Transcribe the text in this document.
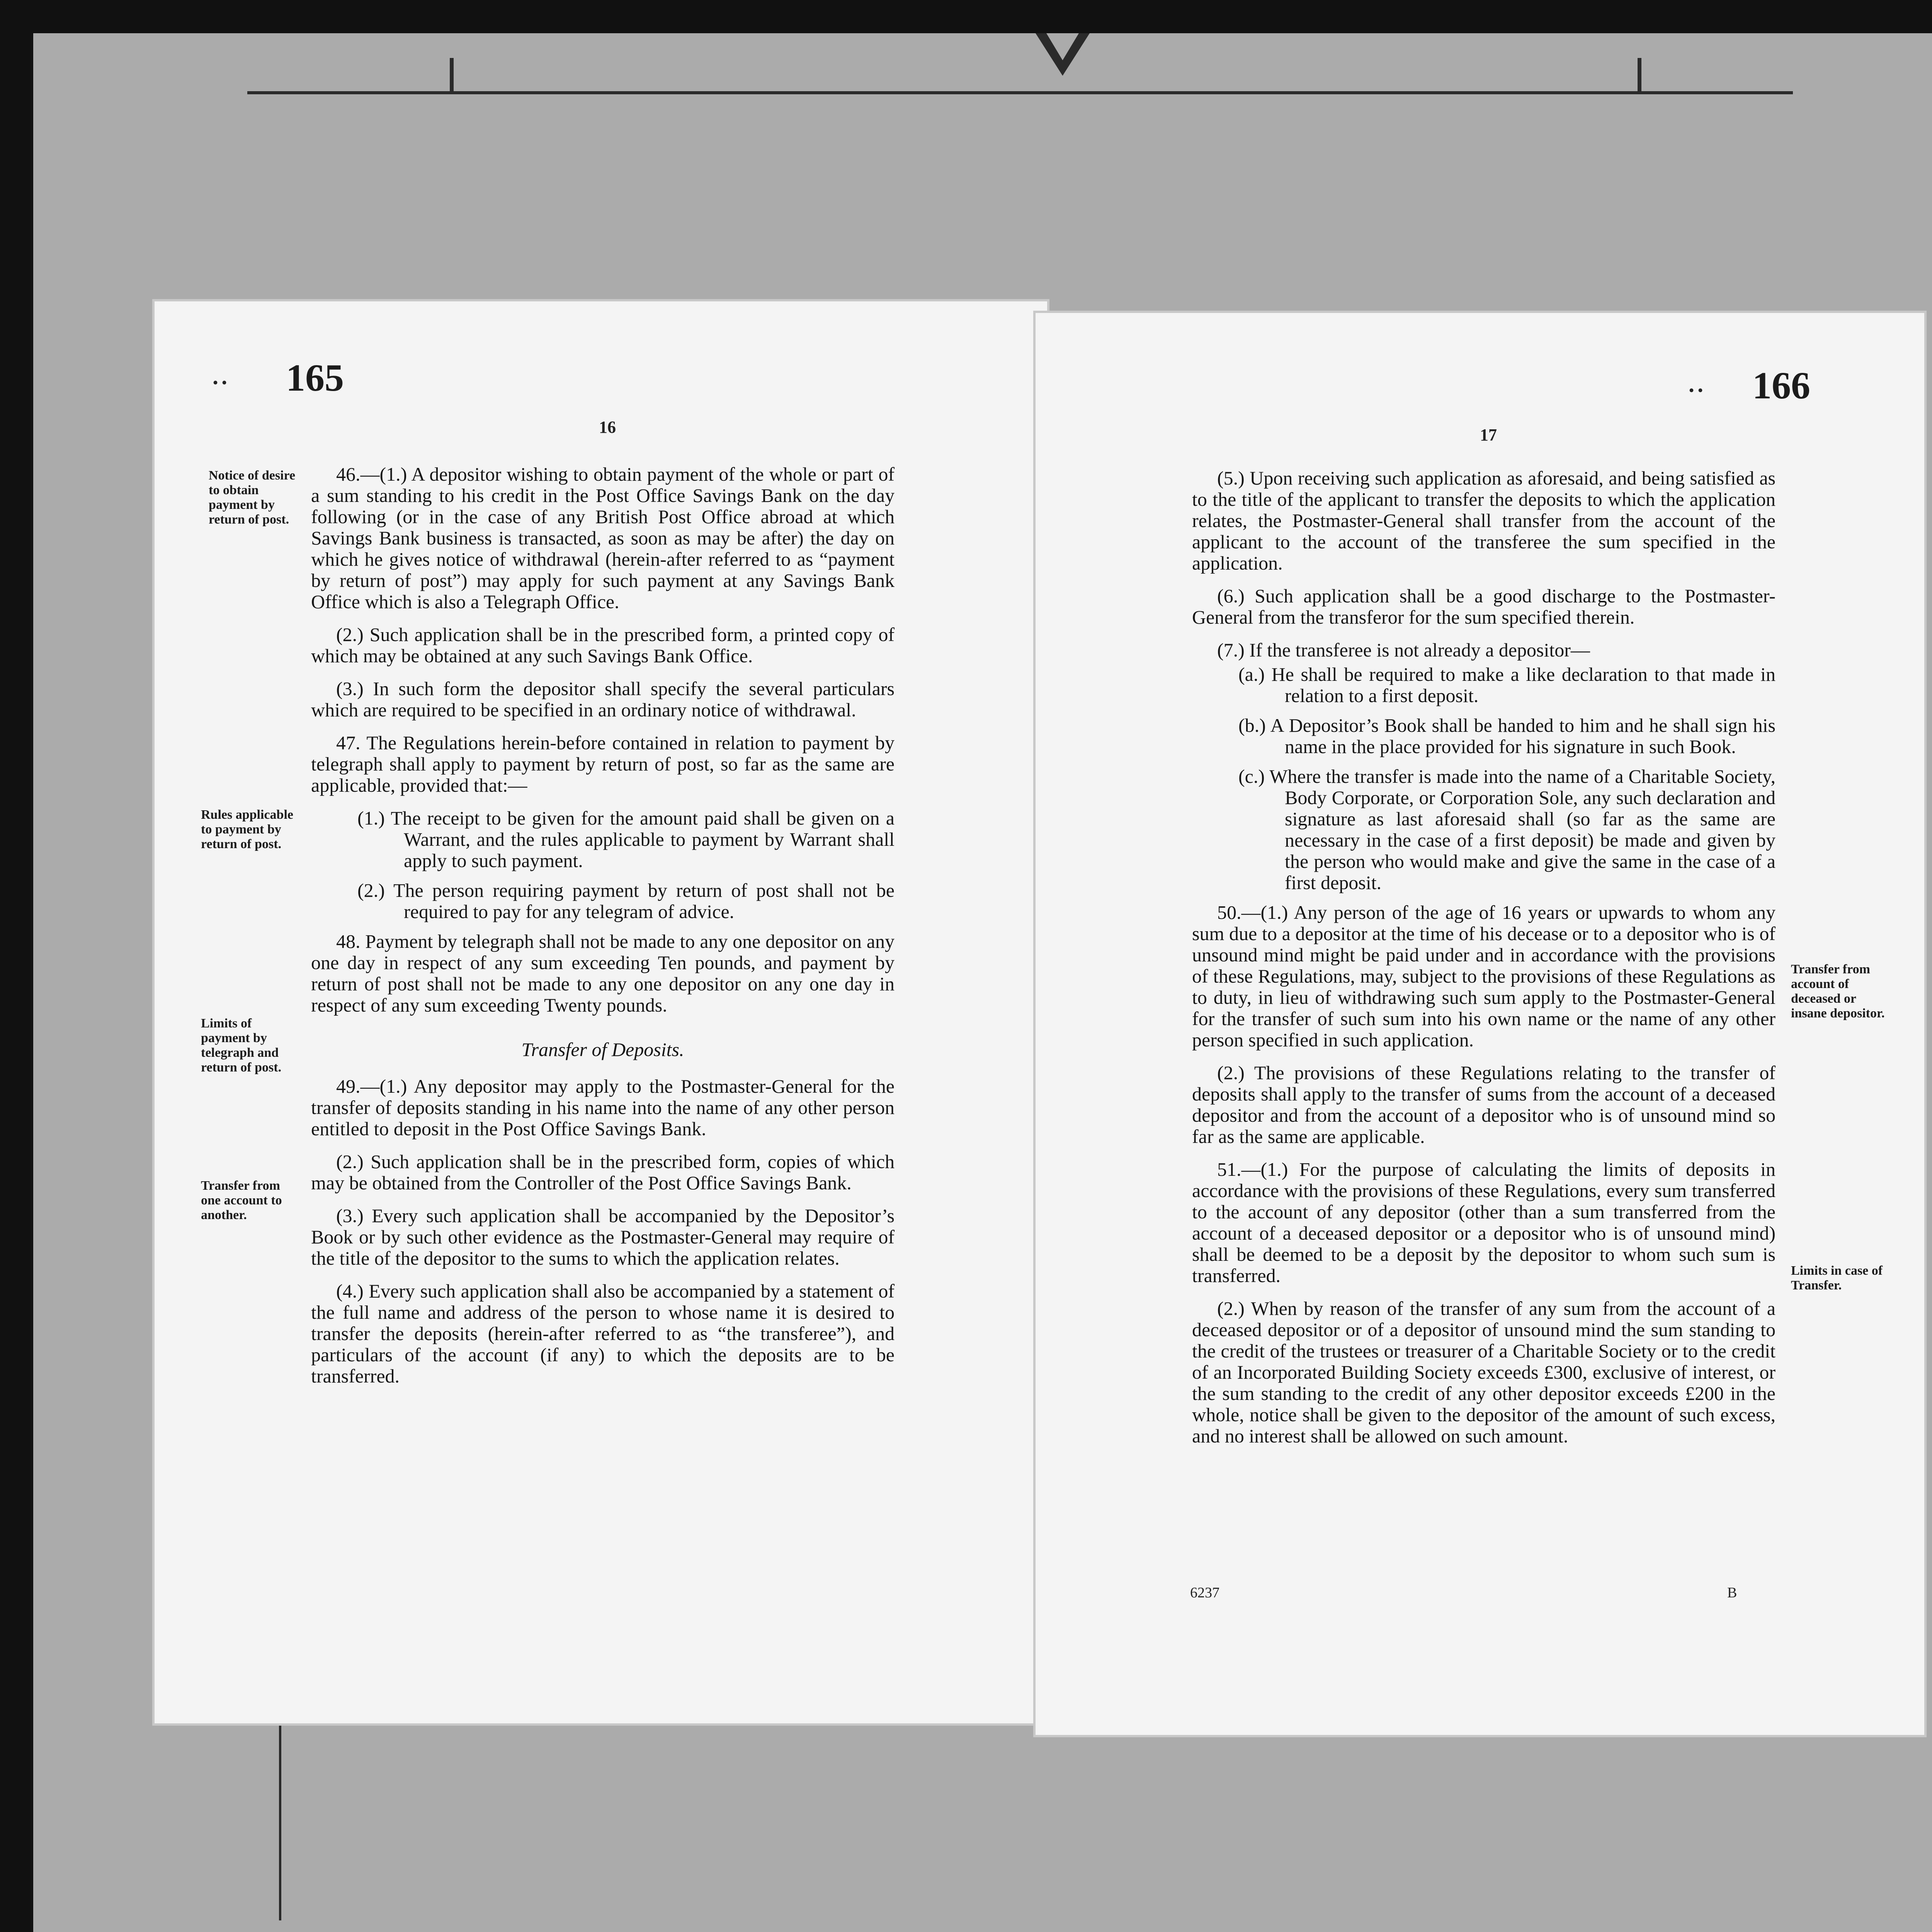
.. 165
16
Notice of desire to obtain payment by return of post.
Rules applicable to payment by return of post.
Limits of payment by telegraph and return of post.
Transfer from one account to another.

46.—(1.) A depositor wishing to obtain payment of the whole or part of a sum standing to his credit in the Post Office Savings Bank on the day following (or in the case of any British Post Office abroad at which Savings Bank business is transacted, as soon as may be after) the day on which he gives notice of withdrawal (herein-after referred to as “payment by return of post”) may apply for such payment at any Savings Bank Office which is also a Telegraph Office.

(2.) Such application shall be in the prescribed form, a printed copy of which may be obtained at any such Savings Bank Office.

(3.) In such form the depositor shall specify the several particulars which are required to be specified in an ordinary notice of withdrawal.

47. The Regulations herein-before contained in relation to payment by telegraph shall apply to payment by return of post, so far as the same are applicable, provided that:—

(1.) The receipt to be given for the amount paid shall be given on a Warrant, and the rules applicable to payment by Warrant shall apply to such payment.

(2.) The person requiring payment by return of post shall not be required to pay for any telegram of advice.

48. Payment by telegraph shall not be made to any one depositor on any one day in respect of any sum exceeding Ten pounds, and payment by return of post shall not be made to any one depositor on any one day in respect of any sum exceeding Twenty pounds.

Transfer of Deposits.

49.—(1.) Any depositor may apply to the Postmaster-General for the transfer of deposits standing in his name into the name of any other person entitled to deposit in the Post Office Savings Bank.

(2.) Such application shall be in the prescribed form, copies of which may be obtained from the Controller of the Post Office Savings Bank.

(3.) Every such application shall be accompanied by the Depositor’s Book or by such other evidence as the Postmaster-General may require of the title of the depositor to the sums to which the application relates.

(4.) Every such application shall also be accompanied by a statement of the full name and address of the person to whose name it is desired to transfer the deposits (herein-after referred to as “the transferee”), and particulars of the account (if any) to which the deposits are to be transferred.

.. 166
17
Transfer from account of deceased or insane depositor.
Limits in case of Transfer.

(5.) Upon receiving such application as aforesaid, and being satisfied as to the title of the applicant to transfer the deposits to which the application relates, the Postmaster-General shall transfer from the account of the applicant to the account of the transferee the sum specified in the application.

(6.) Such application shall be a good discharge to the Postmaster-General from the transferor for the sum specified therein.

(7.) If the transferee is not already a depositor—

(a.) He shall be required to make a like declaration to that made in relation to a first deposit.

(b.) A Depositor’s Book shall be handed to him and he shall sign his name in the place provided for his signature in such Book.

(c.) Where the transfer is made into the name of a Charitable Society, Body Corporate, or Corporation Sole, any such declaration and signature as last aforesaid shall (so far as the same are necessary in the case of a first deposit) be made and given by the person who would make and give the same in the case of a first deposit.

50.—(1.) Any person of the age of 16 years or upwards to whom any sum due to a depositor at the time of his decease or to a depositor who is of unsound mind might be paid under and in accordance with the provisions of these Regulations, may, subject to the provisions of these Regulations as to duty, in lieu of withdrawing such sum apply to the Postmaster-General for the transfer of such sum into his own name or the name of any other person specified in such application.

(2.) The provisions of these Regulations relating to the transfer of deposits shall apply to the transfer of sums from the account of a deceased depositor and from the account of a depositor who is of unsound mind so far as the same are applicable.

51.—(1.) For the purpose of calculating the limits of deposits in accordance with the provisions of these Regulations, every sum transferred to the account of any depositor (other than a sum transferred from the account of a deceased depositor or a depositor who is of unsound mind) shall be deemed to be a deposit by the depositor to whom such sum is transferred.

(2.) When by reason of the transfer of any sum from the account of a deceased depositor or of a depositor of unsound mind the sum standing to the credit of the trustees or treasurer of a Charitable Society or to the credit of an Incorporated Building Society exceeds £300, exclusive of interest, or the sum standing to the credit of any other depositor exceeds £200 in the whole, notice shall be given to the depositor of the amount of such excess, and no interest shall be allowed on such amount.

6237	B
